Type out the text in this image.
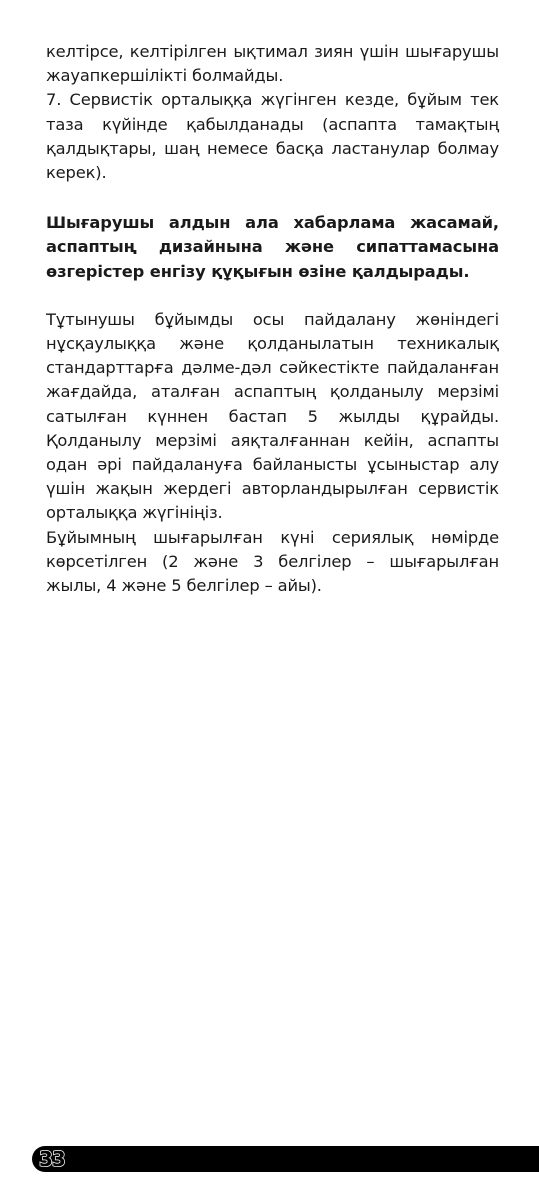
келтірсе, келтірілген ықтимал зиян үшін шығарушы жауапкершілікті болмайды.

7. Сервистік орталыққа жүгінген кезде, бұйым тек таза күйінде қабылданады (аспапта тамақтың қалдықтары, шаң немесе басқа ластанулар болмау керек).

Шығарушы алдын ала хабарлама жасамай, аспаптың дизайнына және сипаттамасына өзгерістер енгізу құқығын өзіне қалдырады.

Тұтынушы бұйымды осы пайдалану жөніндегі нұсқаулыққа және қолданылатын техникалық стандарттарға дәлме-дәл сәйкестікте пайдаланған жағдайда, аталған аспаптың қолданылу мерзімі сатылған күннен бастап 5 жылды құрайды. Қолданылу мерзімі аяқталғаннан кейін, аспапты одан әрі пайдалануға байланысты ұсыныстар алу үшін жақын жердегі авторландырылған сервистік орталыққа жүгініңіз.

Бұйымның шығарылған күні сериялық нөмірде көрсетілген (2 және 3 белгілер – шығарылған жылы, 4 және 5 белгілер – айы).

33
